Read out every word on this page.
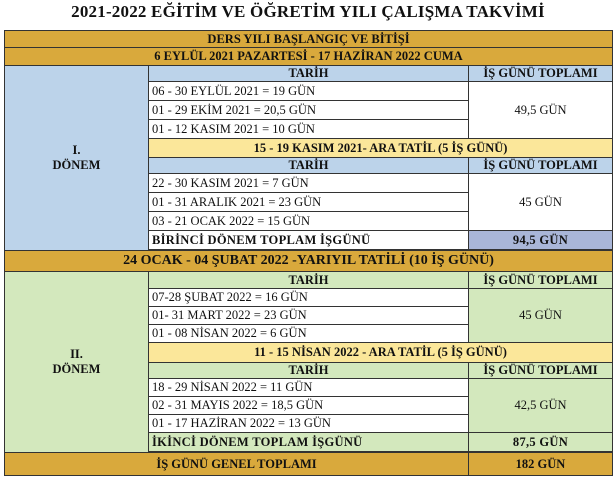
2021-2022 EĞİTİM VE ÖĞRETİM YILI ÇALIŞMA TAKVİMİ
DERS YILI BAŞLANGIÇ VE BİTİŞİ		
6 EYLÜL 2021 PAZARTESİ - 17 HAZİRAN 2022 CUMA		

I.
DÖNEM	TARİH	İŞ GÜNÜ TOPLAMI
	06 - 30 EYLÜL 2021 = 19 GÜN	49,5 GÜN
	01 - 29 EKİM 2021 = 20,5 GÜN	
	01 - 12 KASIM 2021 = 10 GÜN	
	15 - 19 KASIM 2021- ARA TATİL (5 İŞ GÜNÜ)	
	TARİH	İŞ GÜNÜ TOPLAMI
	22 - 30 KASIM 2021 = 7 GÜN	45 GÜN
	01 - 31 ARALIK 2021 = 23 GÜN	
	03 - 21 OCAK 2022 = 15 GÜN	
	BİRİNCİ DÖNEM TOPLAM İŞGÜNÜ	94,5 GÜN

24 OCAK - 04 ŞUBAT 2022 -YARIYIL TATİLİ (10 İŞ GÜNÜ)		

II.
DÖNEM	TARİH	İŞ GÜNÜ TOPLAMI
	07-28 ŞUBAT 2022 = 16 GÜN	45 GÜN
	01- 31 MART 2022 = 23 GÜN	
	01 - 08 NİSAN 2022 = 6 GÜN	
	11 - 15 NİSAN 2022 - ARA TATİL (5 İŞ GÜNÜ)	
	TARİH	İŞ GÜNÜ TOPLAMI
	18 - 29 NİSAN 2022 = 11 GÜN	42,5 GÜN
	02 - 31 MAYIS 2022 = 18,5 GÜN	
	01 - 17 HAZİRAN 2022 = 13 GÜN	
	İKİNCİ DÖNEM TOPLAM İŞGÜNÜ	87,5 GÜN

İŞ GÜNÜ GENEL TOPLAMI		182 GÜN
